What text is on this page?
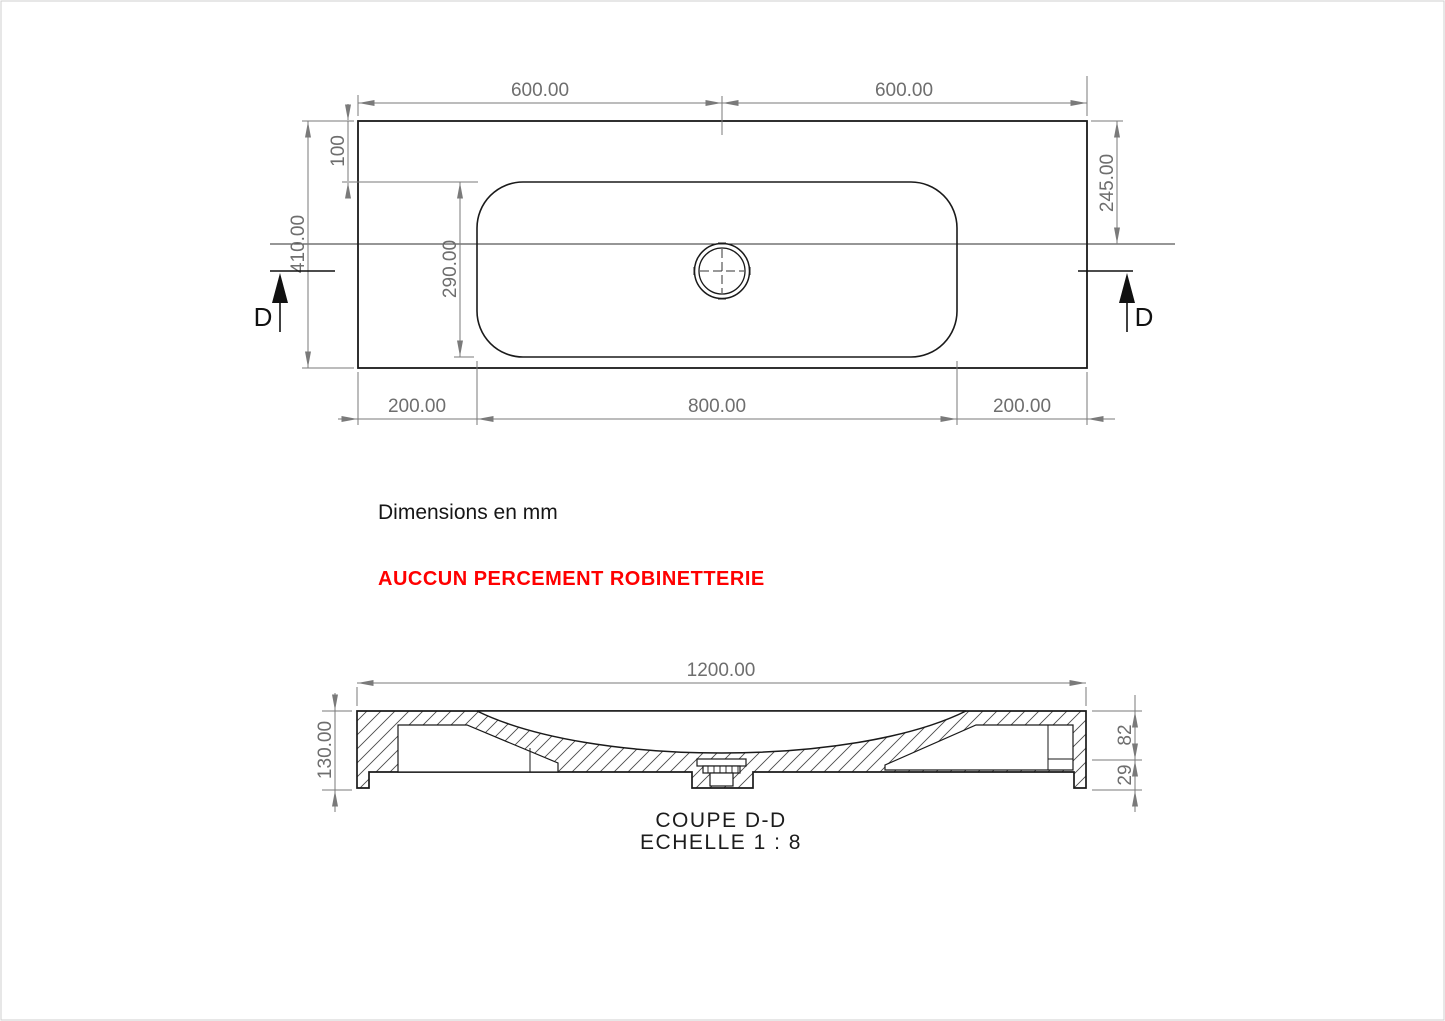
600.00	600.00
410.00
100
290.00
245.00
200.00	800.00	200.00
D	D
Dimensions en mm
AUCCUN PERCEMENT ROBINETTERIE
1200.00
130.00	82
29
COUPE D-D
ECHELLE 1 : 8
